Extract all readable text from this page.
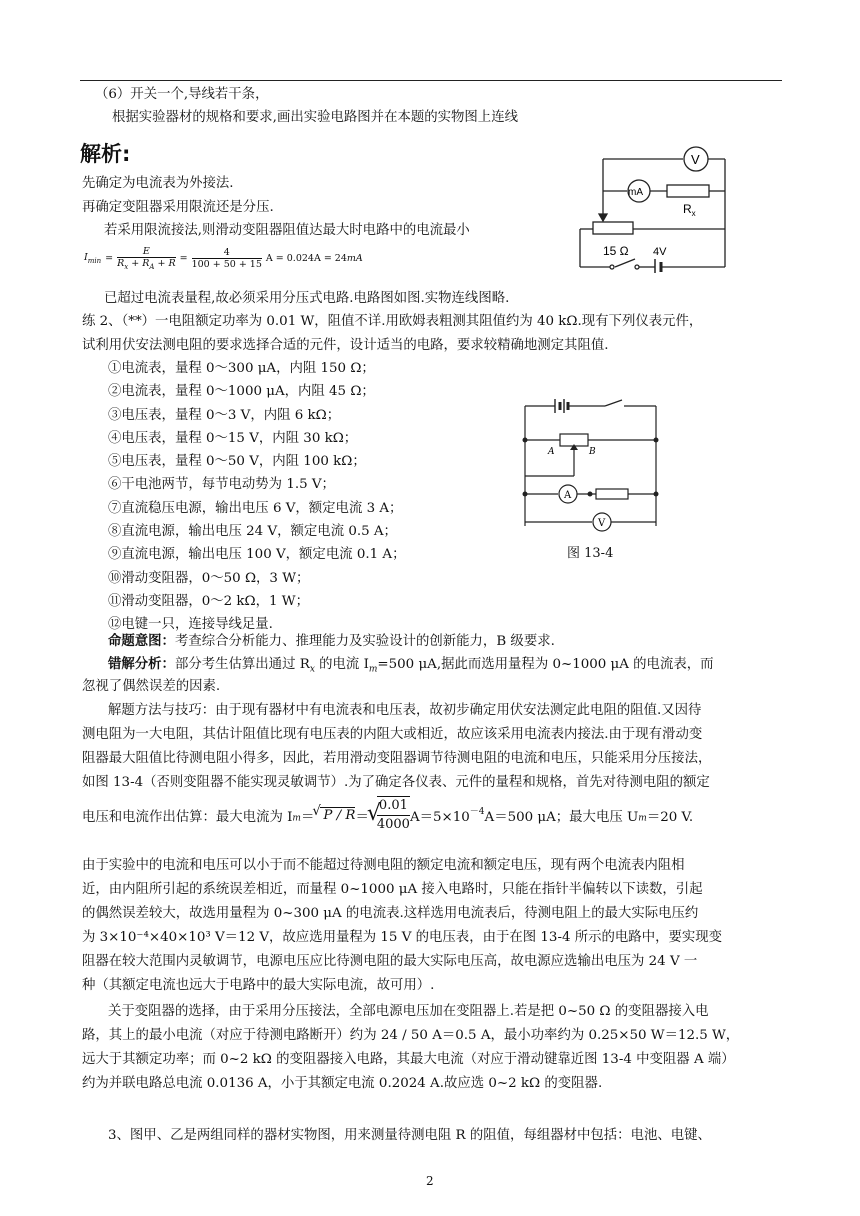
（6）开关一个,导线若干条，
根据实验器材的规格和要求,画出实验电路图并在本题的实物图上连线
解析:
先确定为电流表为外接法.
再确定变阻器采用限流还是分压.
若采用限流接法,则滑动变阻器阻值达最大时电路中的电流最小
$I_{min} = \frac{E}{R_x + R_A + R} = \frac{4}{100 + 50 + 15}$ A = 0.024A = 24mA
已超过电流表量程,故必须采用分压式电路.电路图如图.实物连线图略.
V
mA
$R_x$
15 Ω 4V
练 2、（**）一电阻额定功率为 0.01 W，阻值不详.用欧姆表粗测其阻值约为 40 kΩ.现有下列仪表元件，
试利用伏安法测电阻的要求选择合适的元件，设计适当的电路，要求较精确地测定其阻值.
①电流表，量程 0～300 μA，内阻 150 Ω；
②电流表，量程 0～1000 μA，内阻 45 Ω；
③电压表，量程 0～3 V，内阻 6 kΩ；
④电压表，量程 0～15 V，内阻 30 kΩ；
⑤电压表，量程 0～50 V，内阻 100 kΩ；
⑥干电池两节，每节电动势为 1.5 V；
⑦直流稳压电源，输出电压 6 V，额定电流 3 A；
⑧直流电源，输出电压 24 V，额定电流 0.5 A；
⑨直流电源，输出电压 100 V，额定电流 0.1 A；
⑩滑动变阻器，0～50 Ω，3 W；
⑪滑动变阻器，0～2 kΩ，1 W；
⑫电键一只，连接导线足量.
A	B
A
V
图 13-4
命题意图：考查综合分析能力、推理能力及实验设计的创新能力，B 级要求.
错解分析：部分考生估算出通过 $R_x$ 的电流 $I_m=500$ μA,据此而选用量程为 0~1000 μA 的电流表，而
忽视了偶然误差的因素.
解题方法与技巧：由于现有器材中有电流表和电压表，故初步确定用伏安法测定此电阻的阻值.又因待
测电阻为一大电阻，其估计阻值比现有电压表的内阻大或相近，故应该采用电流表内接法.由于现有滑动变
阻器最大阻值比待测电阻小得多，因此，若用滑动变阻器调节待测电阻的电流和电压，只能采用分压接法，
如图 13-4（否则变阻器不能实现灵敏调节）.为了确定各仪表、元件的量程和规格，首先对待测电阻的额定
电压和电流作出估算：最大电流为 I $_m$ ＝
√ P / R ＝
√
$\frac{0.01}{4000} A=5\times 10^{-4}$ A＝500 μA；最大电压 U $_m$ ＝20 V.
由于实验中的电流和电压可以小于而不能超过待测电阻的额定电流和额定电压，现有两个电流表内阻相
近，由内阻所引起的系统误差相近，而量程 0~1000 μA 接入电路时，只能在指针半偏转以下读数，引起
的偶然误差较大，故选用量程为 0~300 μA 的电流表.这样选用电流表后，待测电阻上的最大实际电压约
为 3×10⁻⁴×40×10³ V＝12 V，故应选用量程为 15 V 的电压表，由于在图 13-4 所示的电路中，要实现变
阻器在较大范围内灵敏调节，电源电压应比待测电阻的最大实际电压高，故电源应选输出电压为 24 V 一
种（其额定电流也远大于电路中的最大实际电流，故可用）.
关于变阻器的选择，由于采用分压接法，全部电源电压加在变阻器上.若是把 0~50 Ω 的变阻器接入电
路，其上的最小电流（对应于待测电路断开）约为 24 / 50 A＝0.5 A，最小功率约为 0.25×50 W＝12.5 W，
远大于其额定功率；而 0~2 kΩ 的变阻器接入电路，其最大电流（对应于滑动键靠近图 13-4 中变阻器 A 端）
约为并联电路总电流 0.0136 A，小于其额定电流 0.2024 A.故应选 0~2 kΩ 的变阻器.
3、图甲、乙是两组同样的器材实物图，用来测量待测电阻 R 的阻值，每组器材中包括：电池、电键、
2
